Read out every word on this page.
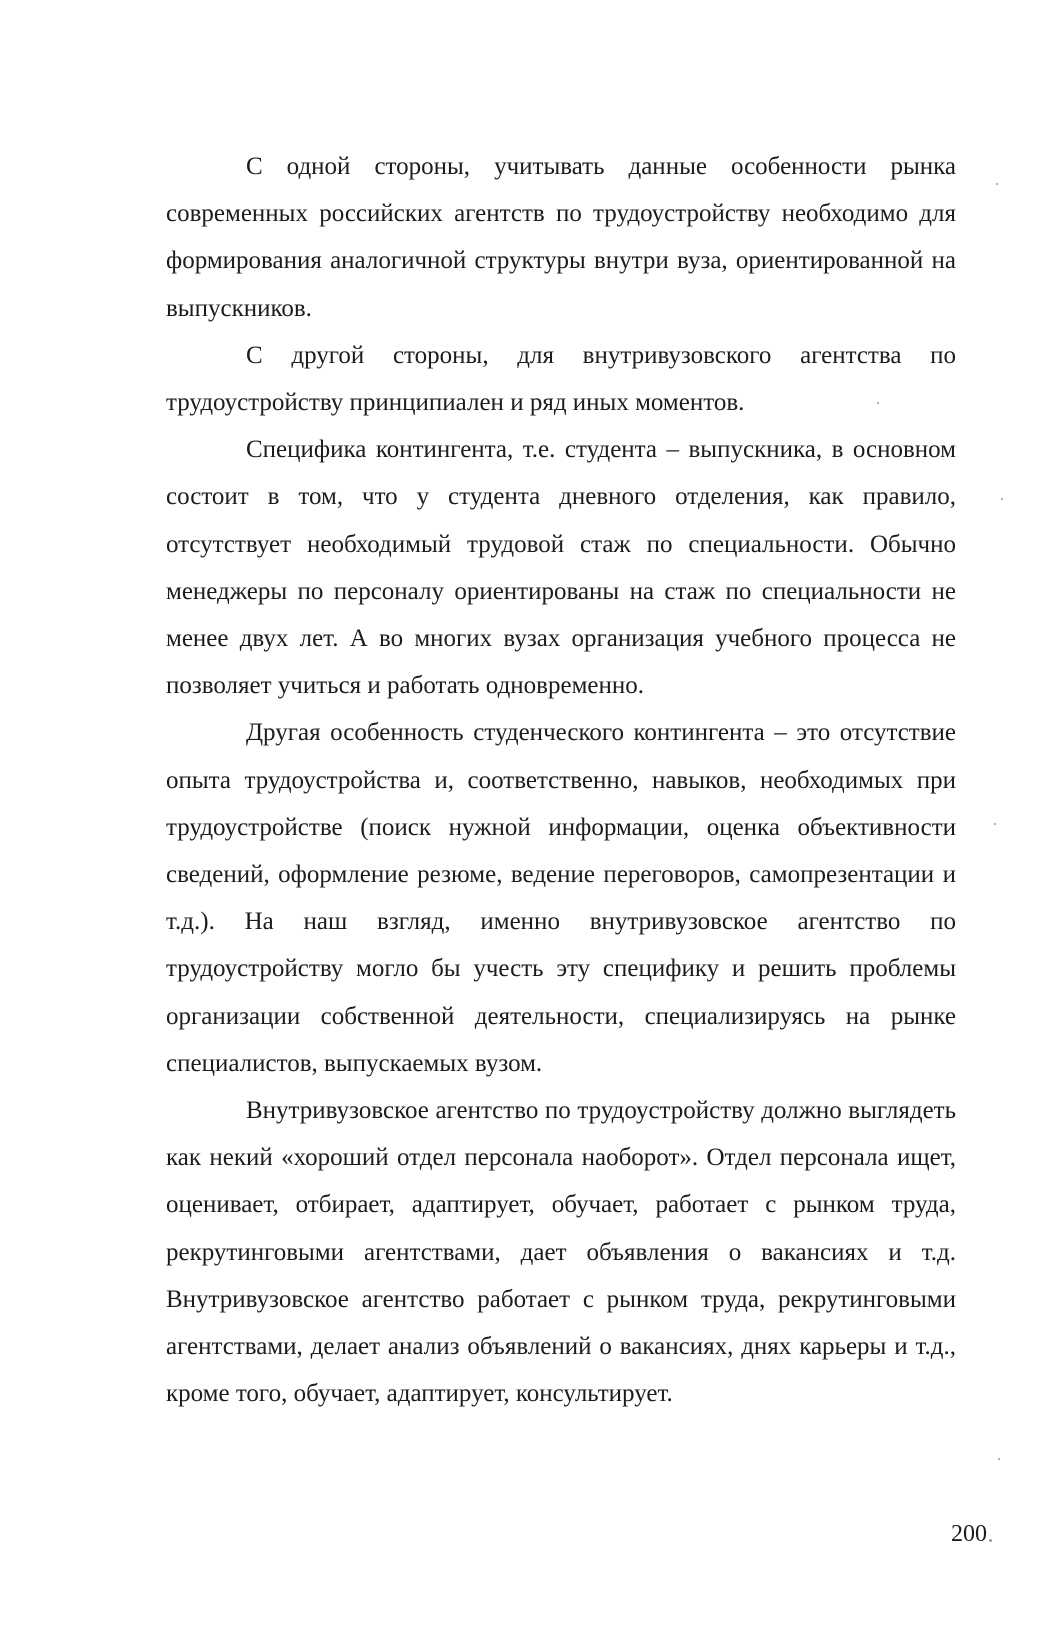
С одной стороны, учитывать данные особенности рынка современных российских агентств по трудоустройству необходимо для формирования аналогичной структуры внутри вуза, ориентированной на выпускников.

С другой стороны, для внутривузовского агентства по трудоустройству принципиален и ряд иных моментов.

Специфика контингента, т.е. студента – выпускника, в основном состоит в том, что у студента дневного отделения, как правило, отсутствует необходимый трудовой стаж по специальности. Обычно менеджеры по персоналу ориентированы на стаж по специальности не менее двух лет. А во многих вузах организация учебного процесса не позволяет учиться и работать одновременно.

Другая особенность студенческого контингента – это отсутствие опыта трудоустройства и, соответственно, навыков, необходимых при трудоустройстве (поиск нужной информации, оценка объективности сведений, оформление резюме, ведение переговоров, самопрезентации и т.д.). На наш взгляд, именно внутривузовское агентство по трудоустройству могло бы учесть эту специфику и решить проблемы организации собственной деятельности, специализируясь на рынке специалистов, выпускаемых вузом.

Внутривузовское агентство по трудоустройству должно выглядеть как некий «хороший отдел персонала наоборот». Отдел персонала ищет, оценивает, отбирает, адаптирует, обучает, работает с рынком труда, рекрутинговыми агентствами, дает объявления о вакансиях и т.д. Внутривузовское агентство работает с рынком труда, рекрутинговыми агентствами, делает анализ объявлений о вакансиях, днях карьеры и т.д., кроме того, обучает, адаптирует, консультирует.

200
